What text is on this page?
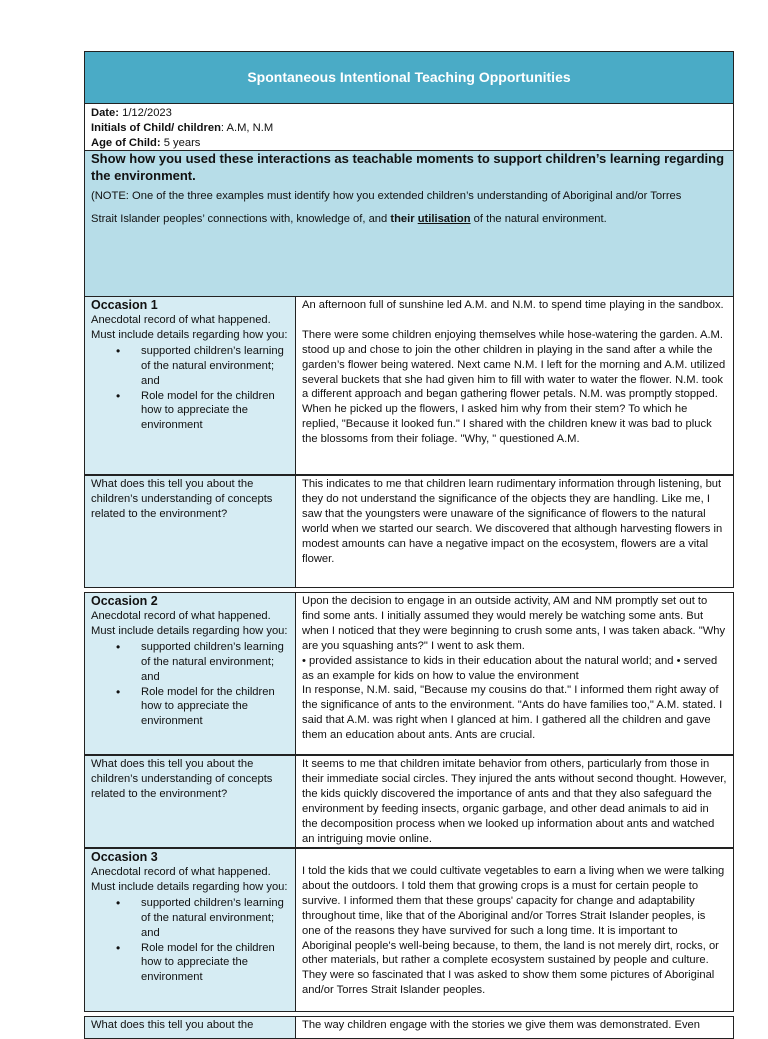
Spontaneous Intentional Teaching Opportunities
Date: 1/12/2023
Initials of Child/ children: A.M, N.M
Age of Child: 5 years
Show how you used these interactions as teachable moments to support children’s learning regarding the environment.
(NOTE: One of the three examples must identify how you extended children’s understanding of Aboriginal and/or Torres
Strait Islander peoples’ connections with, knowledge of, and their utilisation of the natural environment.
Occasion 1
Anecdotal record of what happened. Must include details regarding how you:
• supported children’s learning of the natural environment; and
• Role model for the children how to appreciate the environment

An afternoon full of sunshine led A.M. and N.M. to spend time playing in the sandbox.

There were some children enjoying themselves while hose-watering the garden. A.M. stood up and chose to join the other children in playing in the sand after a while the garden’s flower being watered. Next came N.M. I left for the morning and A.M. utilized several buckets that she had given him to fill with water to water the flower. N.M. took a different approach and began gathering flower petals. N.M. was promptly stopped. When he picked up the flowers, I asked him why from their stem? To which he replied, "Because it looked fun." I shared with the children knew it was bad to pluck the blossoms from their foliage. "Why, " questioned A.M.

What does this tell you about the children’s understanding of concepts related to the environment?

This indicates to me that children learn rudimentary information through listening, but they do not understand the significance of the objects they are handling. Like me, I saw that the youngsters were unaware of the significance of flowers to the natural world when we started our search. We discovered that although harvesting flowers in modest amounts can have a negative impact on the ecosystem, flowers are a vital flower.

Occasion 2
Anecdotal record of what happened. Must include details regarding how you:
• supported children’s learning of the natural environment; and
• Role model for the children how to appreciate the environment

Upon the decision to engage in an outside activity, AM and NM promptly set out to find some ants. I initially assumed they would merely be watching some ants. But when I noticed that they were beginning to crush some ants, I was taken aback. "Why are you squashing ants?" I went to ask them.

• provided assistance to kids in their education about the natural world; and • served as an example for kids on how to value the environment

In response, N.M. said, "Because my cousins do that." I informed them right away of the significance of ants to the environment. "Ants do have families too," A.M. stated. I said that A.M. was right when I glanced at him. I gathered all the children and gave them an education about ants. Ants are crucial.

What does this tell you about the children’s understanding of concepts related to the environment?

It seems to me that children imitate behavior from others, particularly from those in their immediate social circles. They injured the ants without second thought. However, the kids quickly discovered the importance of ants and that they also safeguard the environment by feeding insects, organic garbage, and other dead animals to aid in the decomposition process when we looked up information about ants and watched an intriguing movie online.

Occasion 3
Anecdotal record of what happened. Must include details regarding how you:
• supported children’s learning of the natural environment; and
• Role model for the children how to appreciate the environment

I told the kids that we could cultivate vegetables to earn a living when we were talking about the outdoors. I told them that growing crops is a must for certain people to survive. I informed them that these groups' capacity for change and adaptability throughout time, like that of the Aboriginal and/or Torres Strait Islander peoples, is one of the reasons they have survived for such a long time. It is important to Aboriginal people's well-being because, to them, the land is not merely dirt, rocks, or other materials, but rather a complete ecosystem sustained by people and culture. They were so fascinated that I was asked to show them some pictures of Aboriginal and/or Torres Strait Islander peoples.

What does this tell you about the	The way children engage with the stories we give them was demonstrated. Even
